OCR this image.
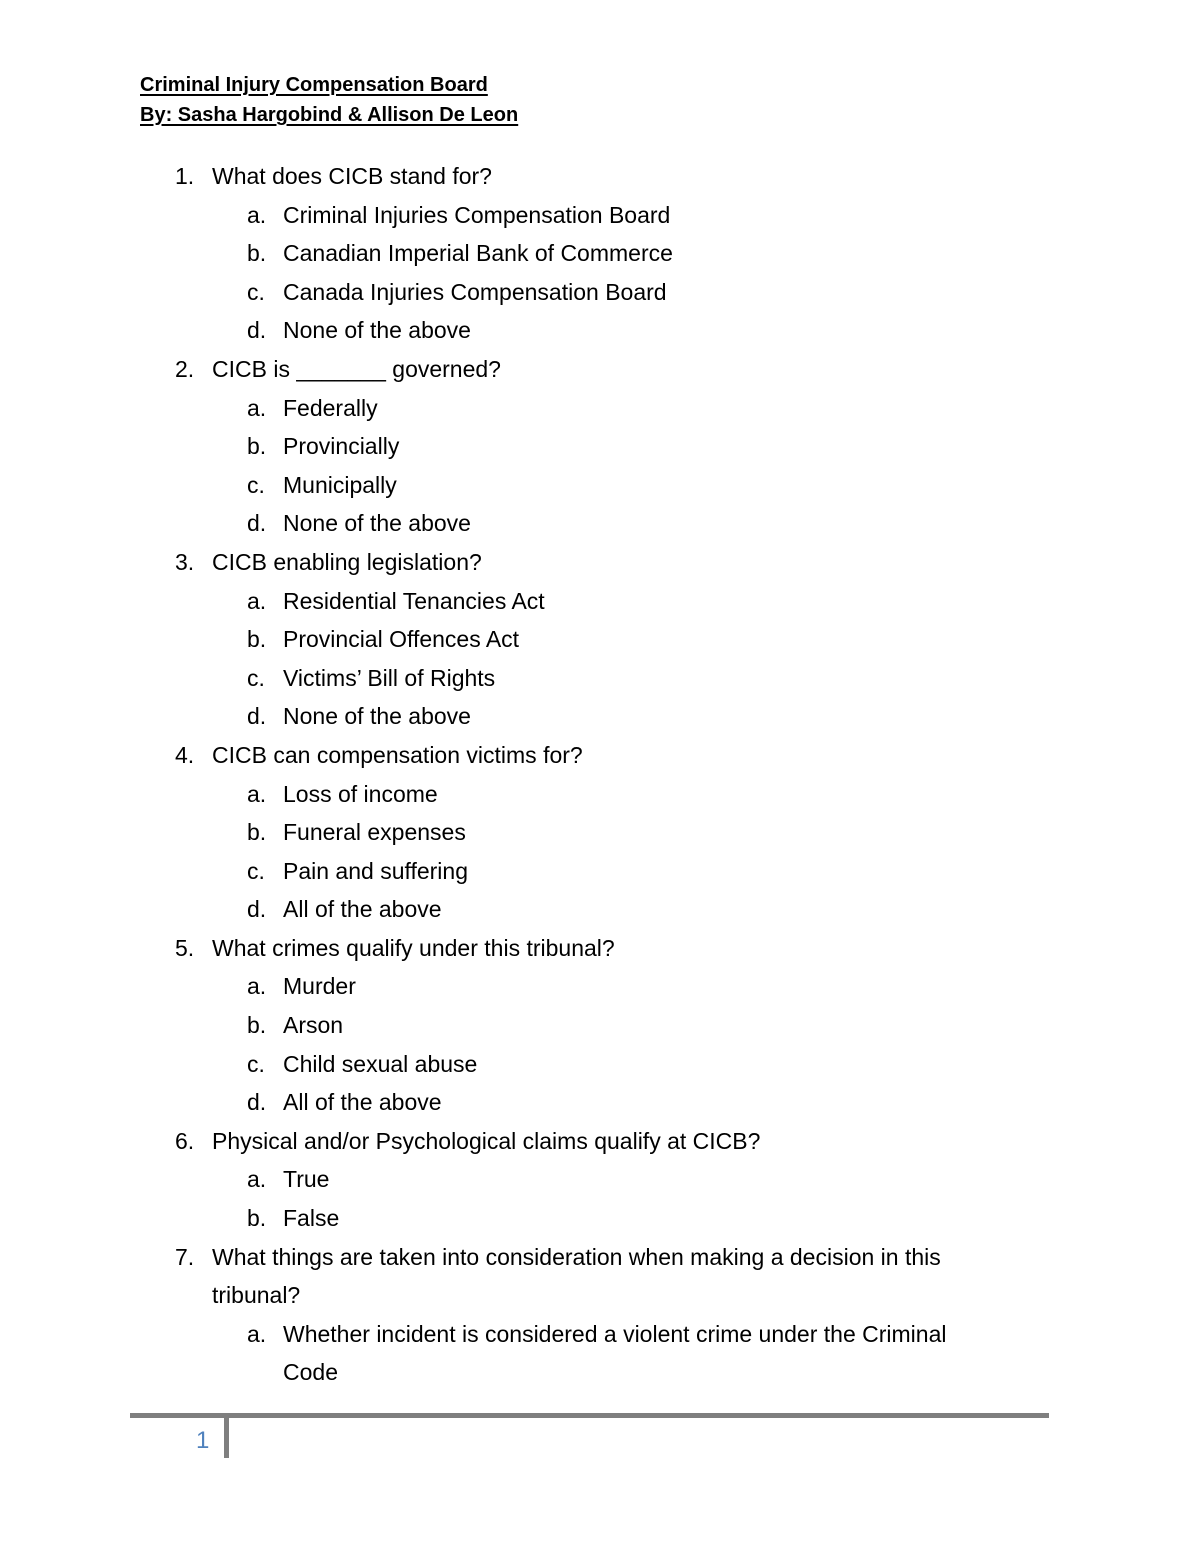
Criminal Injury Compensation Board
By: Sasha Hargobind & Allison De Leon
1. What does CICB stand for?
a. Criminal Injuries Compensation Board
b. Canadian Imperial Bank of Commerce
c. Canada Injuries Compensation Board
d. None of the above
2. CICB is _______ governed?
a. Federally
b. Provincially
c. Municipally
d. None of the above
3. CICB enabling legislation?
a. Residential Tenancies Act
b. Provincial Offences Act
c. Victims’ Bill of Rights
d. None of the above
4. CICB can compensation victims for?
a. Loss of income
b. Funeral expenses
c. Pain and suffering
d. All of the above
5. What crimes qualify under this tribunal?
a. Murder
b. Arson
c. Child sexual abuse
d. All of the above
6. Physical and/or Psychological claims qualify at CICB?
a. True
b. False
7. What things are taken into consideration when making a decision in this
tribunal?
a. Whether incident is considered a violent crime under the Criminal
Code
1
